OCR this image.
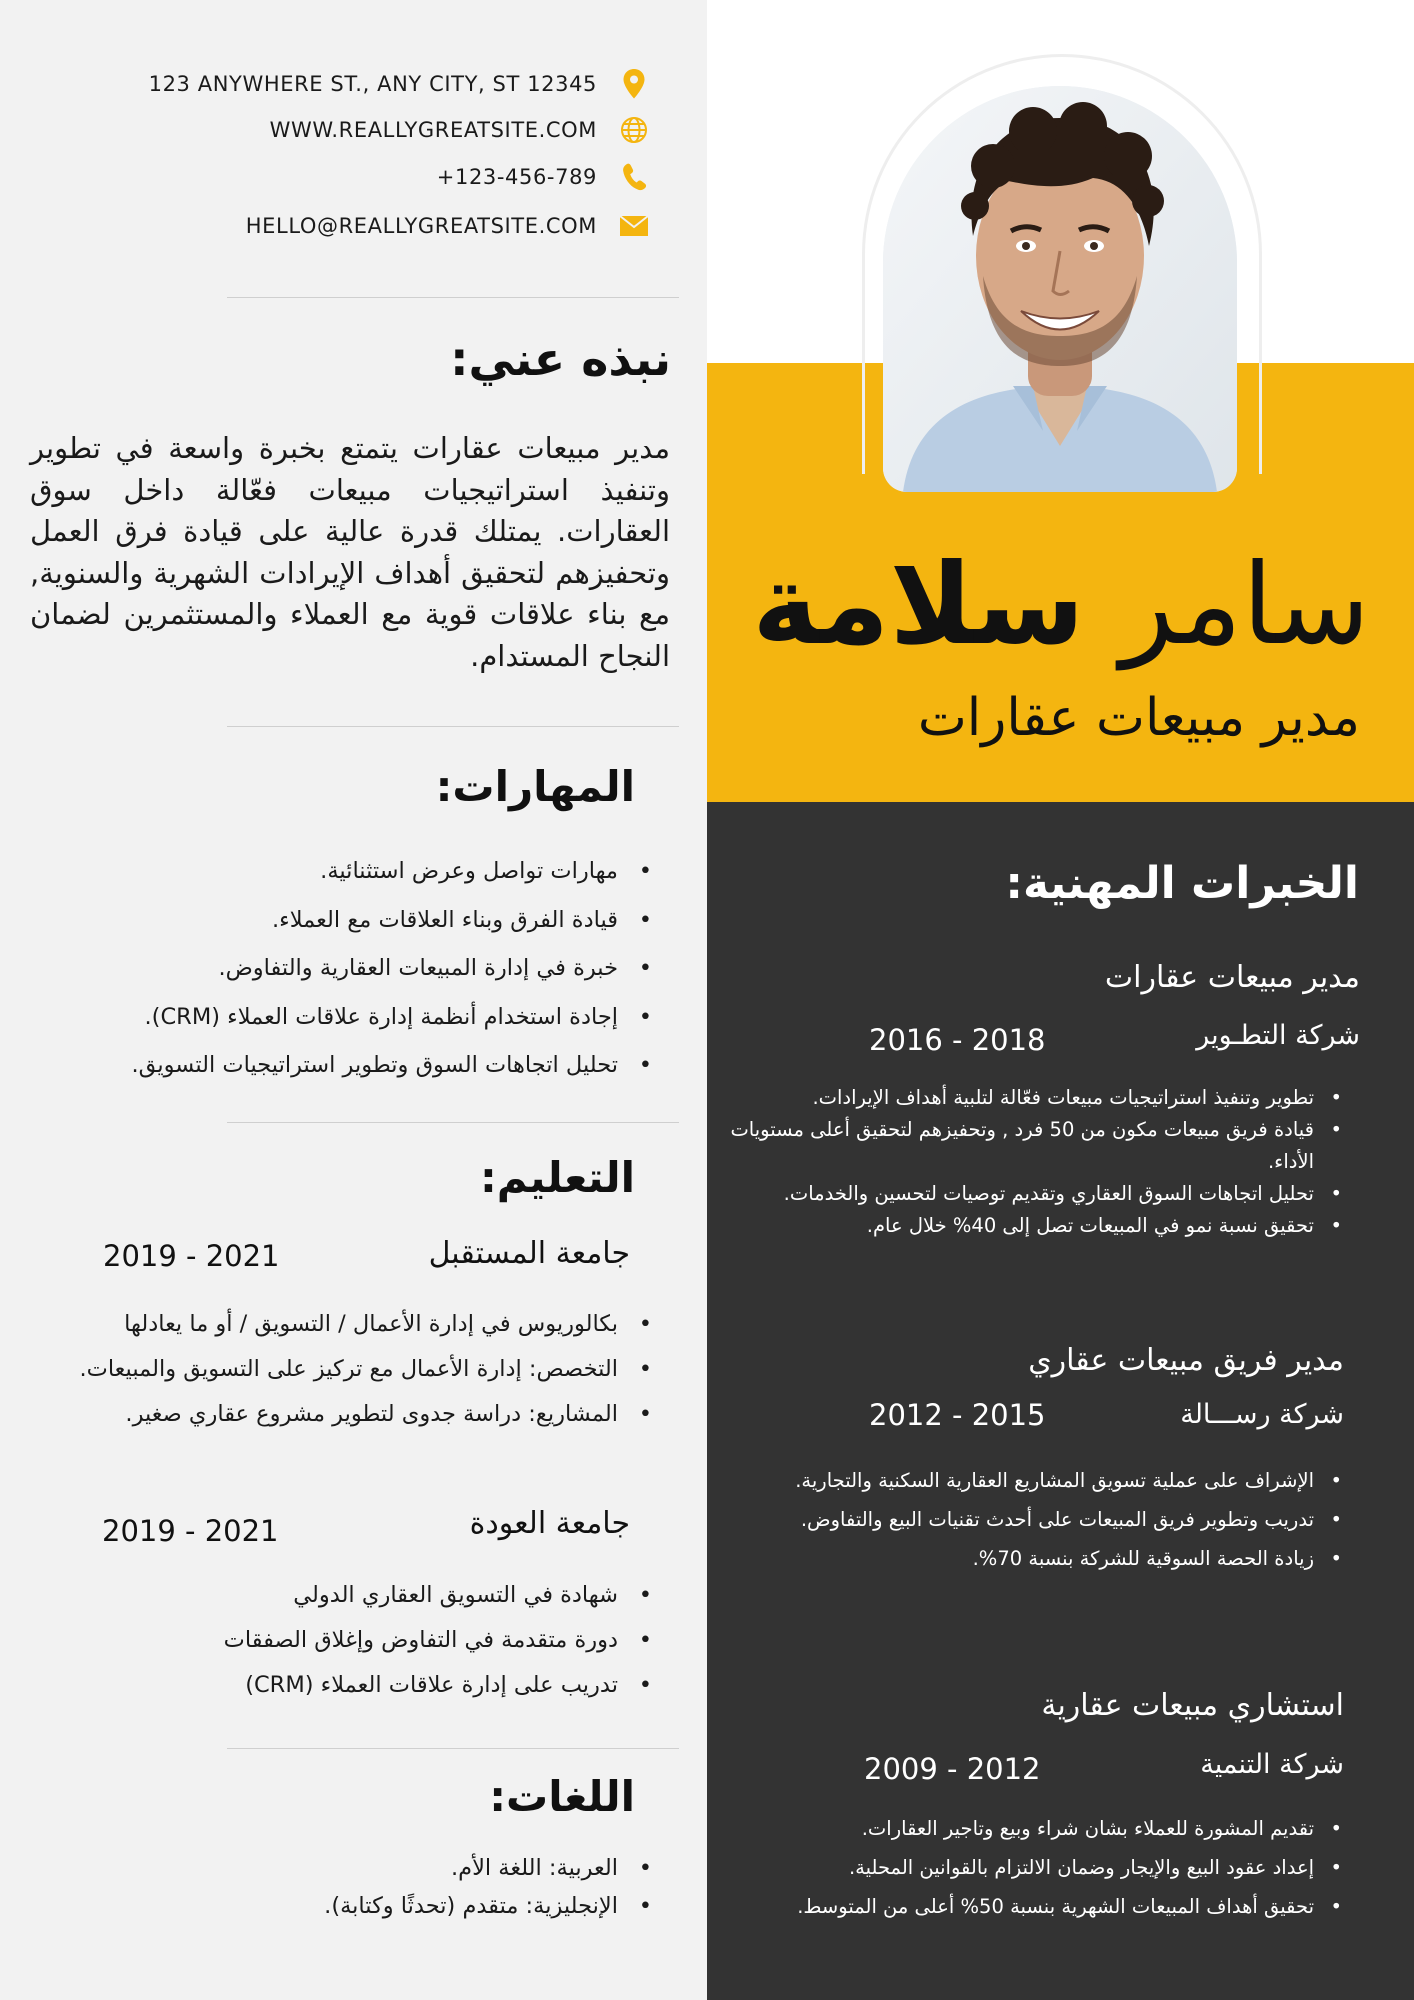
123 ANYWHERE ST., ANY CITY, ST 12345
WWW.REALLYGREATSITE.COM
+123-456-789
HELLO@REALLYGREATSITE.COM
نبذه عني:

مدير مبيعات عقارات يتمتع بخبرة واسعة في تطوير وتنفيذ استراتيجيات مبيعات فعّالة داخل سوق العقارات. يمتلك قدرة عالية على قيادة فرق العمل وتحفيزهم لتحقيق أهداف الإيرادات الشهرية والسنوية, مع بناء علاقات قوية مع العملاء والمستثمرين لضمان النجاح المستدام.

المهارات:
• مهارات تواصل وعرض استثنائية.
• قيادة الفرق وبناء العلاقات مع العملاء.
• خبرة في إدارة المبيعات العقارية والتفاوض.
• إجادة استخدام أنظمة إدارة علاقات العملاء (CRM).
• تحليل اتجاهات السوق وتطوير استراتيجيات التسويق.
التعليم:
جامعة المستقبل
2019 - 2021
• بكالوريوس في إدارة الأعمال / التسويق / أو ما يعادلها
• التخصص: إدارة الأعمال مع تركيز على التسويق والمبيعات.
• المشاريع: دراسة جدوى لتطوير مشروع عقاري صغير.
جامعة العودة
2019 - 2021
• شهادة في التسويق العقاري الدولي
• دورة متقدمة في التفاوض وإغلاق الصفقات
• تدريب على إدارة علاقات العملاء (CRM)
اللغات:
• العربية: اللغة الأم.
• الإنجليزية: متقدم (تحدثًا وكتابة).
سامر سلامة
مدير مبيعات عقارات
الخبرات المهنية:
مدير مبيعات عقارات
شركة التطـوير
2016 - 2018
• تطوير وتنفيذ استراتيجيات مبيعات فعّالة لتلبية أهداف الإيرادات.
• قيادة فريق مبيعات مكون من 50 فرد , وتحفيزهم لتحقيق أعلى مستويات الأداء.
• تحليل اتجاهات السوق العقاري وتقديم توصيات لتحسين والخدمات.
• تحقيق نسبة نمو في المبيعات تصل إلى 40% خلال عام.
مدير فريق مبيعات عقاري
شركة رســـالة
2012 - 2015
• الإشراف على عملية تسويق المشاريع العقارية السكنية والتجارية.
• تدريب وتطوير فريق المبيعات على أحدث تقنيات البيع والتفاوض.
• زيادة الحصة السوقية للشركة بنسبة 70%.
استشاري مبيعات عقارية
شركة التنمية
2009 - 2012
• تقديم المشورة للعملاء بشان شراء وبيع وتاجير العقارات.
• إعداد عقود البيع والإيجار وضمان الالتزام بالقوانين المحلية.
• تحقيق أهداف المبيعات الشهرية بنسبة 50% أعلى من المتوسط.
